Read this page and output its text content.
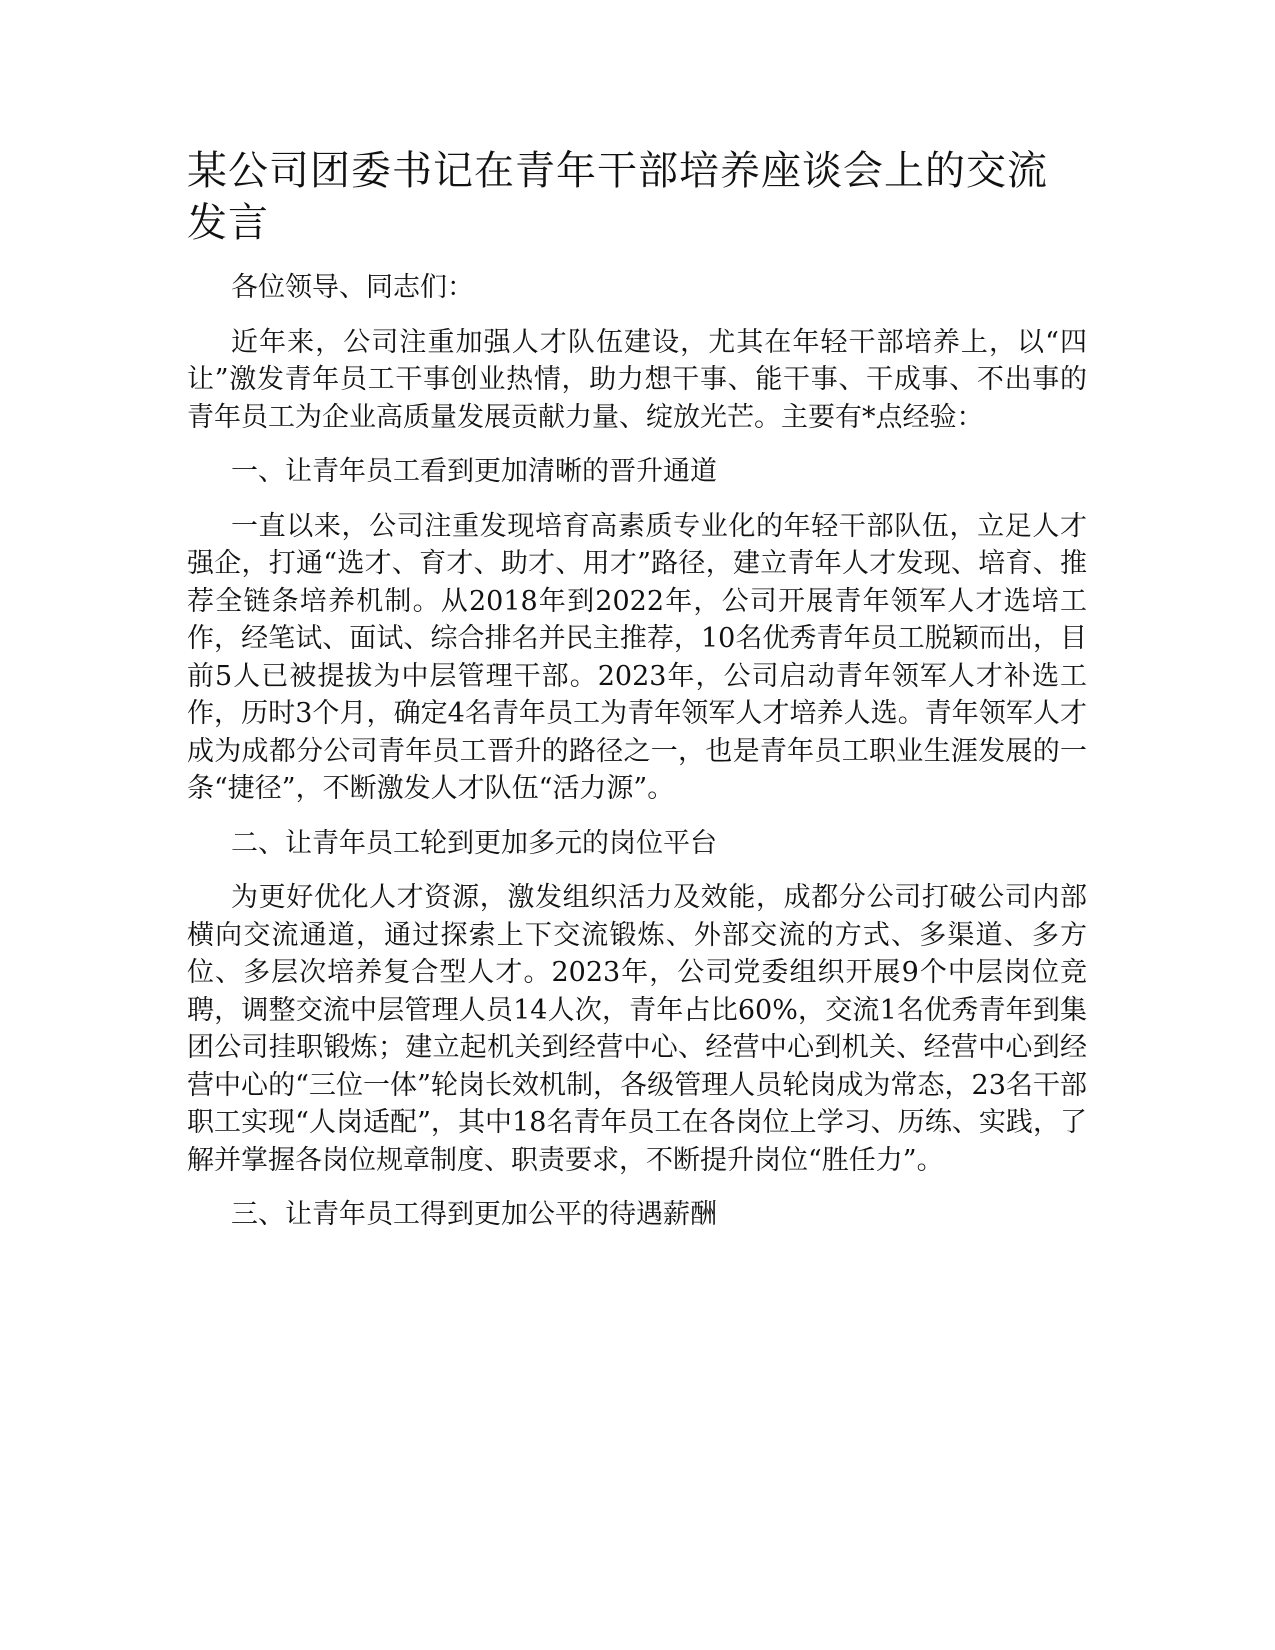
某公司团委书记在青年干部培养座谈会上的交流发言

各位领导、同志们：

近年来，公司注重加强人才队伍建设，尤其在年轻干部培养上，以“四让”激发青年员工干事创业热情，助力想干事、能干事、干成事、不出事的青年员工为企业高质量发展贡献力量、绽放光芒。主要有*点经验：

一、让青年员工看到更加清晰的晋升通道

一直以来，公司注重发现培育高素质专业化的年轻干部队伍，立足人才强企，打通“选才、育才、助才、用才”路径，建立青年人才发现、培育、推荐全链条培养机制。从2018年到2022年，公司开展青年领军人才选培工作，经笔试、面试、综合排名并民主推荐，10名优秀青年员工脱颖而出，目前5人已被提拔为中层管理干部。2023年，公司启动青年领军人才补选工作，历时3个月，确定4名青年员工为青年领军人才培养人选。青年领军人才成为成都分公司青年员工晋升的路径之一，也是青年员工职业生涯发展的一条“捷径”，不断激发人才队伍“活力源”。

二、让青年员工轮到更加多元的岗位平台

为更好优化人才资源，激发组织活力及效能，成都分公司打破公司内部横向交流通道，通过探索上下交流锻炼、外部交流的方式、多渠道、多方位、多层次培养复合型人才。2023年，公司党委组织开展9个中层岗位竞聘，调整交流中层管理人员14人次，青年占比60%，交流1名优秀青年到集团公司挂职锻炼；建立起机关到经营中心、经营中心到机关、经营中心到经营中心的“三位一体”轮岗长效机制，各级管理人员轮岗成为常态，23名干部职工实现“人岗适配”，其中18名青年员工在各岗位上学习、历练、实践，了解并掌握各岗位规章制度、职责要求，不断提升岗位“胜任力”。

三、让青年员工得到更加公平的待遇薪酬
